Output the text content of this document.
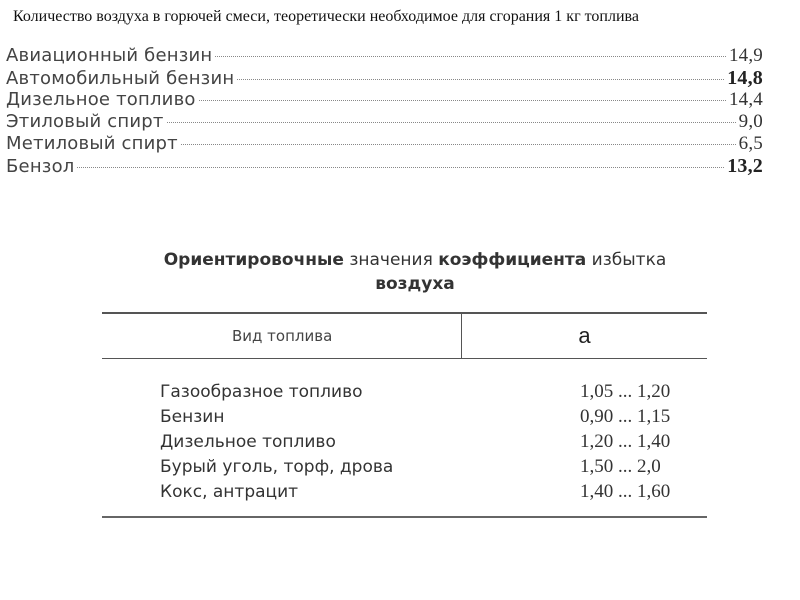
Количество воздуха в горючей смеси, теоретически необходимое для сгорания 1 кг топлива
Авиационный бензин	14,9
Автомобильный бензин	14,8
Дизельное топливо	14,4
Этиловый спирт	9,0
Метиловый спирт	6,5
Бензол	13,2
Ориентировочные значения коэффициента избытка
воздуха
Вид топлива	a
Газообразное топливо	1,05 ... 1,20
Бензин	0,90 ... 1,15
Дизельное топливо	1,20 ... 1,40
Бурый уголь, торф, дрова	1,50 ... 2,0
Кокс, антрацит	1,40 ... 1,60
